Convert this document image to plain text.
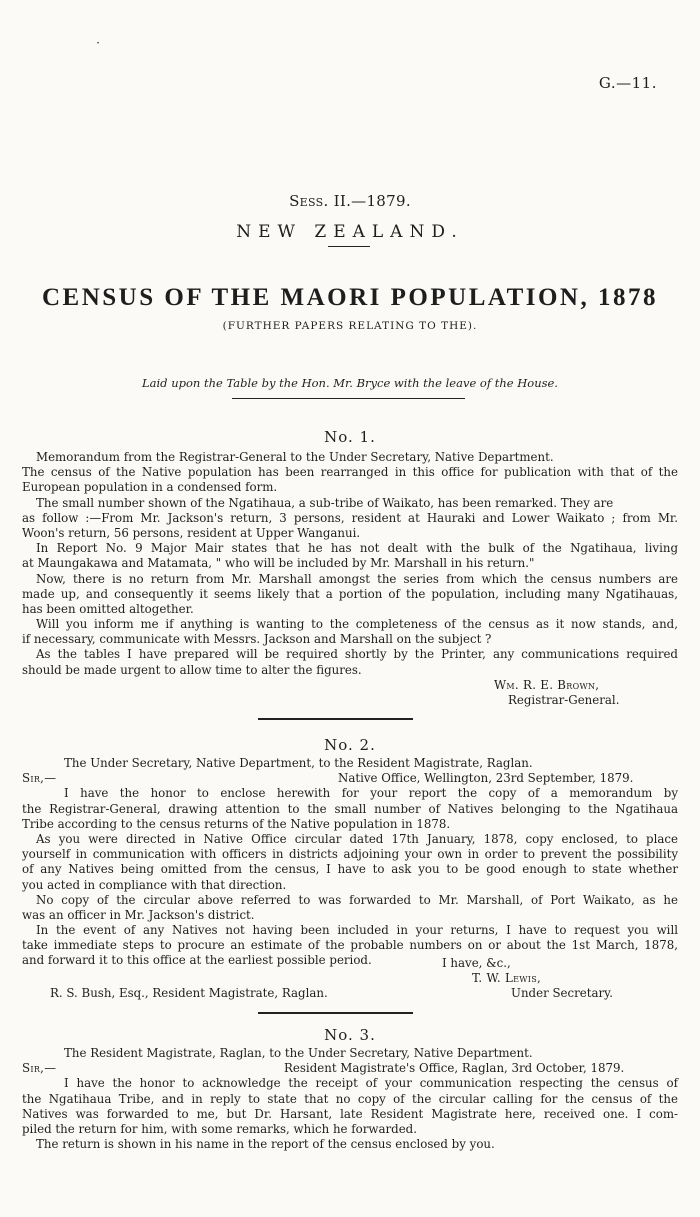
G.—11.
·
Sess. II.—1879.
NEW ZEALAND.
CENSUS OF THE MAORI POPULATION, 1878
(FURTHER PAPERS RELATING TO THE).
Laid upon the Table by the Hon. Mr. Bryce with the leave of the House.
No. 1.
Memorandum from the Registrar-General to the Under Secretary, Native Department.
The census of the Native population has been rearranged in this office for publication with that of the
European population in a condensed form.
The small number shown of the Ngatihaua, a sub-tribe of Waikato, has been remarked. They are
as follow :—From Mr. Jackson's return, 3 persons, resident at Hauraki and Lower Waikato ; from Mr.
Woon's return, 56 persons, resident at Upper Wanganui.
In Report No. 9 Major Mair states that he has not dealt with the bulk of the Ngatihaua, living
at Maungakawa and Matamata, " who will be included by Mr. Marshall in his return."
Now, there is no return from Mr. Marshall amongst the series from which the census numbers are
made up, and consequently it seems likely that a portion of the population, including many Ngatihauas,
has been omitted altogether.
Will you inform me if anything is wanting to the completeness of the census as it now stands, and,
if necessary, communicate with Messrs. Jackson and Marshall on the subject ?
As the tables I have prepared will be required shortly by the Printer, any communications required
should be made urgent to allow time to alter the figures.
Wm. R. E. Brown,
Registrar-General.
No. 2.
The Under Secretary, Native Department, to the Resident Magistrate, Raglan.
Sir,—	Native Office, Wellington, 23rd September, 1879.
I have the honor to enclose herewith for your report the copy of a memorandum by
the Registrar-General, drawing attention to the small number of Natives belonging to the Ngatihaua
Tribe according to the census returns of the Native population in 1878.
As you were directed in Native Office circular dated 17th January, 1878, copy enclosed, to place
yourself in communication with officers in districts adjoining your own in order to prevent the possibility
of any Natives being omitted from the census, I have to ask you to be good enough to state whether
you acted in compliance with that direction.
No copy of the circular above referred to was forwarded to Mr. Marshall, of Port Waikato, as he
was an officer in Mr. Jackson's district.
In the event of any Natives not having been included in your returns, I have to request you will
take immediate steps to procure an estimate of the probable numbers on or about the 1st March, 1878,
and forward it to this office at the earliest possible period.	I have, &c.,
T. W. Lewis,
R. S. Bush, Esq., Resident Magistrate, Raglan.	Under Secretary.
No. 3.
The Resident Magistrate, Raglan, to the Under Secretary, Native Department.
Sir,—	Resident Magistrate's Office, Raglan, 3rd October, 1879.
I have the honor to acknowledge the receipt of your communication respecting the census of
the Ngatihaua Tribe, and in reply to state that no copy of the circular calling for the census of the
Natives was forwarded to me, but Dr. Harsant, late Resident Magistrate here, received one. I com-
piled the return for him, with some remarks, which he forwarded.
The return is shown in his name in the report of the census enclosed by you.
